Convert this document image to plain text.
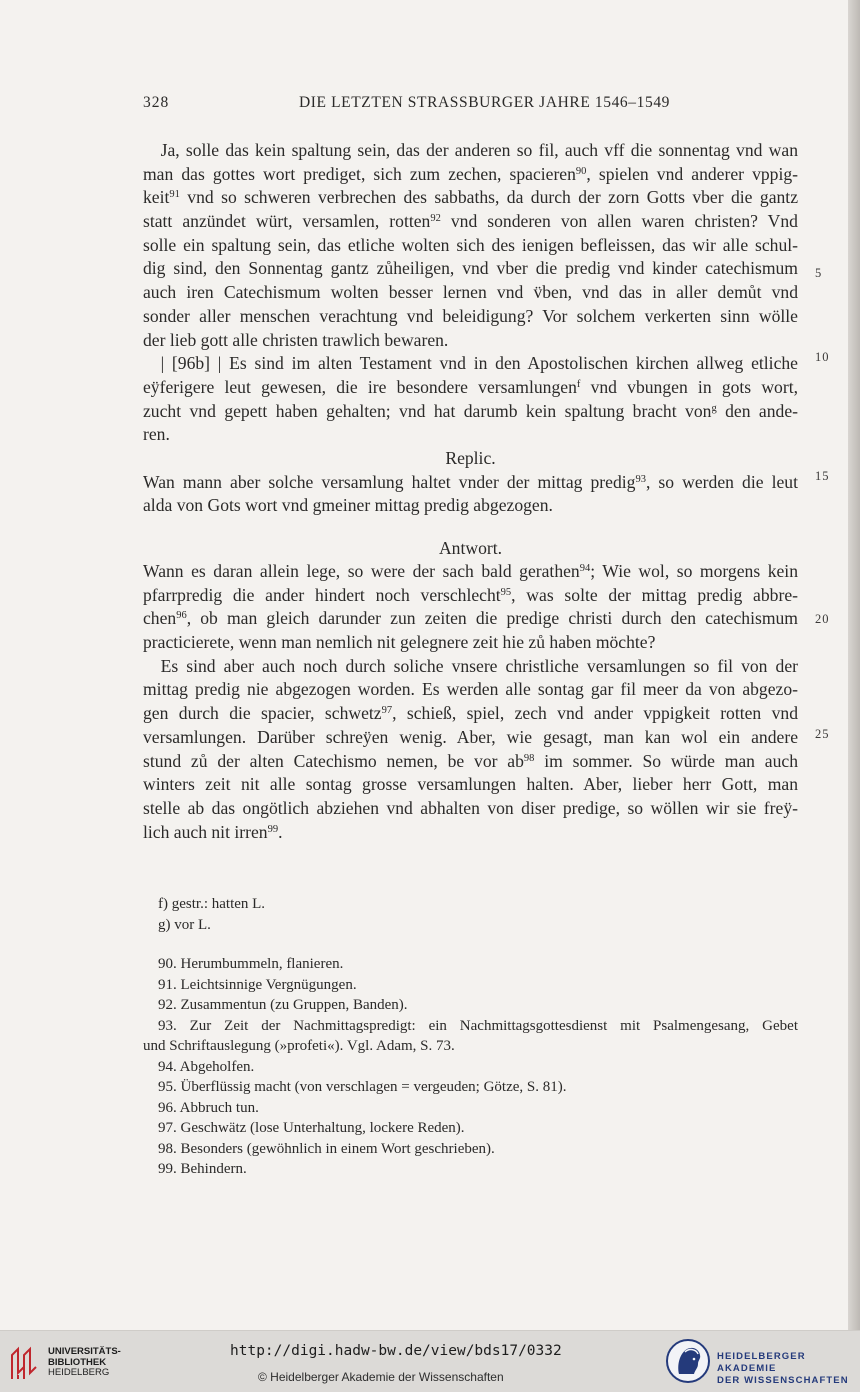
328	DIE LETZTEN STRASSBURGER JAHRE 1546–1549
 Ja, solle das kein spaltung sein, das der anderen so fil, auch vff die sonnentag vnd wan
man das gottes wort prediget, sich zum zechen, spacieren$^{90}$, spielen vnd anderer vppig-
keit$^{91}$ vnd so schweren verbrechen des sabbaths, da durch der zorn Gotts vber die gantz
statt anzündet würt, versamlen, rotten$^{92}$ vnd sonderen von allen waren christen? Vnd
solle ein spaltung sein, das etliche wolten sich des ienigen befleissen, das wir alle schul-
dig sind, den Sonnentag gantz zůheiligen, vnd vber die predig vnd kinder catechismum
auch iren Catechismum wolten besser lernen vnd v̈ben, vnd das in aller demůt vnd
sonder aller menschen verachtung vnd beleidigung? Vor solchem verkerten sinn wölle
der lieb gott alle christen trawlich bewaren.
 | [96b] | Es sind im alten Testament vnd in den Apostolischen kirchen allweg etliche
eÿferigere leut gewesen, die ire besondere versamlungen$^f$ vnd vbungen in gots wort,
zucht vnd gepett haben gehalten; vnd hat darumb kein spaltung bracht von$^g$ den ande-
ren.
Replic.
Wan mann aber solche versamlung haltet vnder der mittag predig$^{93}$, so werden die leut
alda von Gots wort vnd gmeiner mittag predig abgezogen.
Antwort.
Wann es daran allein lege, so were der sach bald gerathen$^{94}$; Wie wol, so morgens kein
pfarrpredig die ander hindert noch verschlecht$^{95}$, was solte der mittag predig abbre-
chen$^{96}$, ob man gleich darunder zun zeiten die predige christi durch den catechismum
practicierete, wenn man nemlich nit gelegnere zeit hie zů haben möchte?
 Es sind aber auch noch durch soliche vnsere christliche versamlungen so fil von der
mittag predig nie abgezogen worden. Es werden alle sontag gar fil meer da von abgezo-
gen durch die spacier, schwetz$^{97}$, schieß, spiel, zech vnd ander vppigkeit rotten vnd
versamlungen. Darüber schreÿen wenig. Aber, wie gesagt, man kan wol ein andere
stund zů der alten Catechismo nemen, be vor $ab^{98}$ im sommer. So würde man auch
winters zeit nit alle sontag grosse versamlungen halten. Aber, lieber herr Gott, man
stelle ab das ongötlich abziehen vnd abhalten von diser predige, so wöllen wir sie freÿ-
lich auch nit irren$^{99}$.
5
10
15
20
25
f) gestr.: hatten L.
g) vor L.
90. Herumbummeln, flanieren.
91. Leichtsinnige Vergnügungen.
92. Zusammentun (zu Gruppen, Banden).
93. Zur Zeit der Nachmittagspredigt: ein Nachmittagsgottesdienst mit Psalmengesang, Gebet
und Schriftauslegung (»profeti«). Vgl. Adam, S. 73.
94. Abgeholfen.
95. Überflüssig macht (von verschlagen = vergeuden; Götze, S. 81).
96. Abbruch tun.
97. Geschwätz (lose Unterhaltung, lockere Reden).
98. Besonders (gewöhnlich in einem Wort geschrieben).
99. Behindern.
UNIVERSITÄTS-
BIBLIOTHEK
HEIDELBERG
http://digi.hadw-bw.de/view/bds17/0332
© Heidelberger Akademie der Wissenschaften
HEIDELBERGER AKADEMIE
DER WISSENSCHAFTEN
